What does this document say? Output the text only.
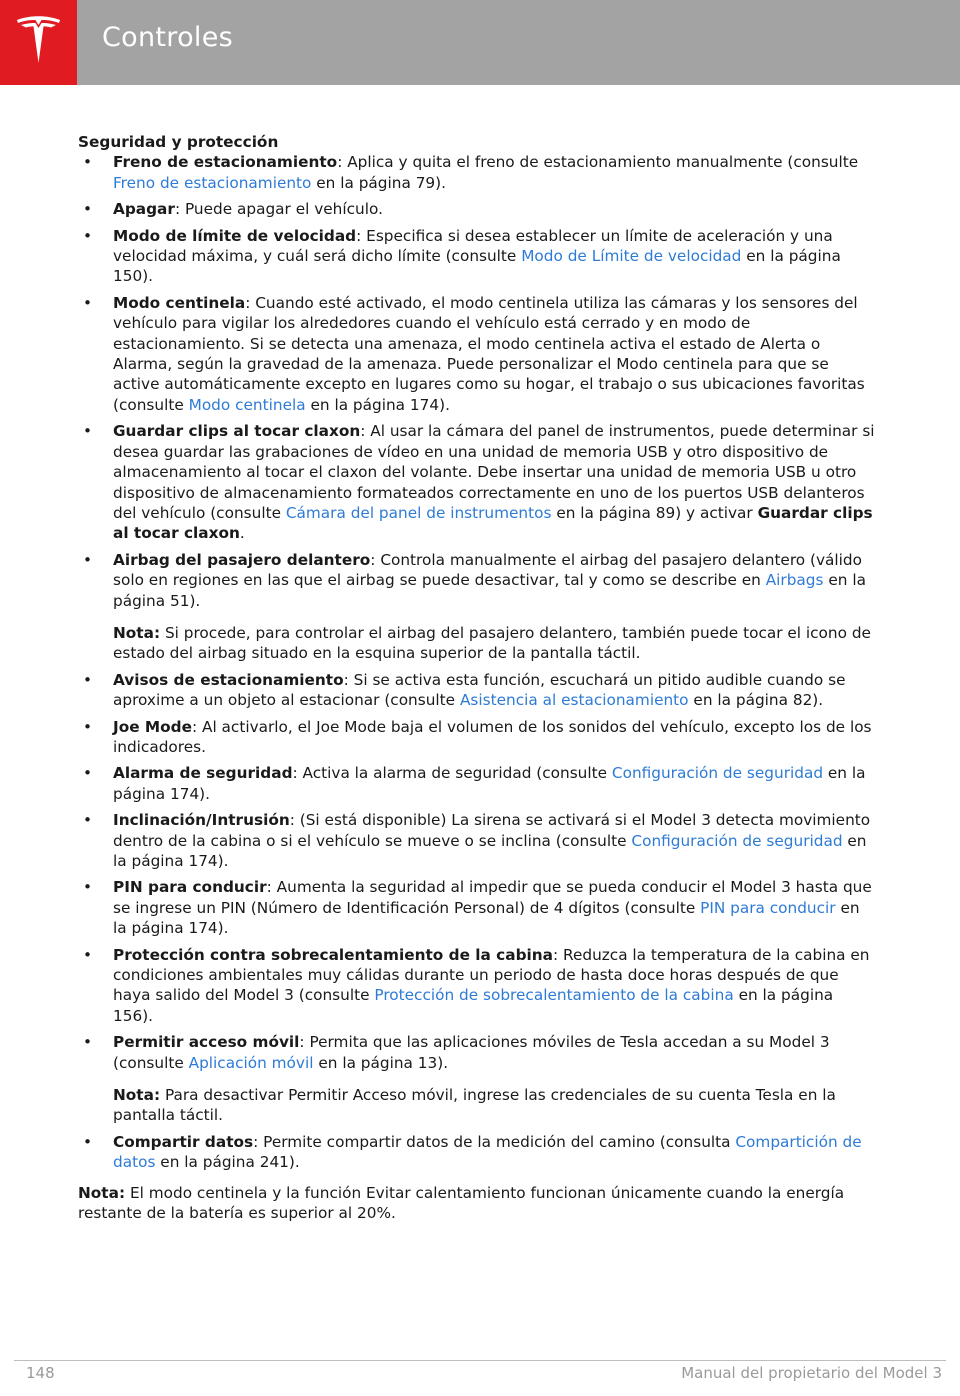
Controles

Seguridad y protección

• Freno de estacionamiento: Aplica y quita el freno de estacionamiento manualmente (consulte Freno de estacionamiento en la página 79).

• Apagar: Puede apagar el vehículo.

• Modo de límite de velocidad: Especifica si desea establecer un límite de aceleración y una velocidad máxima, y cuál será dicho límite (consulte Modo de Límite de velocidad en la página 150).

• Modo centinela: Cuando esté activado, el modo centinela utiliza las cámaras y los sensores del vehículo para vigilar los alrededores cuando el vehículo está cerrado y en modo de estacionamiento. Si se detecta una amenaza, el modo centinela activa el estado de Alerta o Alarma, según la gravedad de la amenaza. Puede personalizar el Modo centinela para que se active automáticamente excepto en lugares como su hogar, el trabajo o sus ubicaciones favoritas (consulte Modo centinela en la página 174).

• Guardar clips al tocar claxon: Al usar la cámara del panel de instrumentos, puede determinar si desea guardar las grabaciones de vídeo en una unidad de memoria USB y otro dispositivo de almacenamiento al tocar el claxon del volante. Debe insertar una unidad de memoria USB u otro dispositivo de almacenamiento formateados correctamente en uno de los puertos USB delanteros del vehículo (consulte Cámara del panel de instrumentos en la página 89) y activar Guardar clips al tocar claxon.

• Airbag del pasajero delantero: Controla manualmente el airbag del pasajero delantero (válido solo en regiones en las que el airbag se puede desactivar, tal y como se describe en Airbags en la página 51).

Nota: Si procede, para controlar el airbag del pasajero delantero, también puede tocar el icono de estado del airbag situado en la esquina superior de la pantalla táctil.

• Avisos de estacionamiento: Si se activa esta función, escuchará un pitido audible cuando se aproxime a un objeto al estacionar (consulte Asistencia al estacionamiento en la página 82).

• Joe Mode: Al activarlo, el Joe Mode baja el volumen de los sonidos del vehículo, excepto los de los indicadores.

• Alarma de seguridad: Activa la alarma de seguridad (consulte Configuración de seguridad en la página 174).

• Inclinación/Intrusión: (Si está disponible) La sirena se activará si el Model 3 detecta movimiento dentro de la cabina o si el vehículo se mueve o se inclina (consulte Configuración de seguridad en la página 174).

• PIN para conducir: Aumenta la seguridad al impedir que se pueda conducir el Model 3 hasta que se ingrese un PIN (Número de Identificación Personal) de 4 dígitos (consulte PIN para conducir en la página 174).

• Protección contra sobrecalentamiento de la cabina: Reduzca la temperatura de la cabina en condiciones ambientales muy cálidas durante un periodo de hasta doce horas después de que haya salido del Model 3 (consulte Protección de sobrecalentamiento de la cabina en la página 156).

• Permitir acceso móvil: Permita que las aplicaciones móviles de Tesla accedan a su Model 3 (consulte Aplicación móvil en la página 13).

Nota: Para desactivar Permitir Acceso móvil, ingrese las credenciales de su cuenta Tesla en la pantalla táctil.

• Compartir datos: Permite compartir datos de la medición del camino (consulta Compartición de datos en la página 241).

Nota: El modo centinela y la función Evitar calentamiento funcionan únicamente cuando la energía restante de la batería es superior al 20%.

148	Manual del propietario del Model 3
